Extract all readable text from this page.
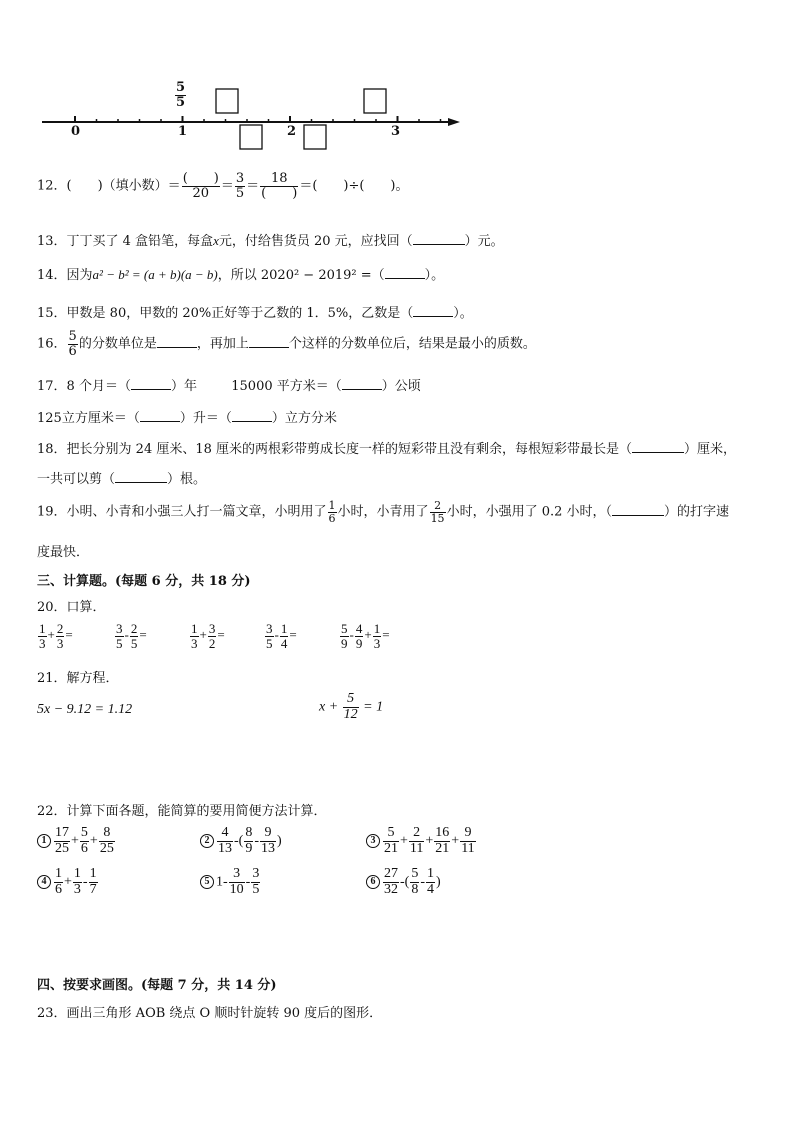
0	1	2	3
$\frac{5}{5}$
12．(　　)（填小数）＝ $\frac{( )}{20} = \frac{3}{5} = \frac{18}{( )}$ ＝(　　)÷(　　)。
13．丁丁买了 4 盒铅笔，每盒x元，付给售货员 20 元，应找回（	）元。
14．因为a² − b² = (a + b)(a − b)，所以 2020² − 2019² =（	）。
15．甲数是 80，甲数的 20%正好等于乙数的 1．5%，乙数是（	）。
16． $\frac{5}{6}$ 的分数单位是	，再加上	个这样的分数单位后，结果是最小的质数。
17．8 个月＝（	）年	15000 平方米＝（	）公顷
125立方厘米＝（	）升＝（	）立方分米
18．把长分别为 24 厘米、18 厘米的两根彩带剪成长度一样的短彩带且没有剩余，每根短彩带最长是（	）厘米，
一共可以剪（	）根。
19．小明、小青和小强三人打一篇文章，小明用了 $\frac{1}{6}$ 小时，小青用了 $\frac{2}{15}$ 小时，小强用了 0.2 小时，（	）的打字速
度最快．
三、计算题。(每题 6 分，共 18 分)
20．口算．
$\frac{1}{3} + \frac{2}{3}$ =	$\frac{3}{5} - \frac{2}{5}$ =	$\frac{1}{3} + \frac{3}{2}$ =	$\frac{3}{5} - \frac{1}{4}$ =	$\frac{5}{9} - \frac{4}{9} + \frac{1}{3}$ =
21．解方程．
5x − 9.12 = 1.12	$x + \frac{5}{12} = 1$
22．计算下面各题，能简算的要用简便方法计算．
$1 \frac{17}{25} + \frac{5}{6} + \frac{8}{25}$	$2 \frac{4}{13}$ -( $\frac{8}{9} - \frac{9}{13}$ )	$3 \frac{5}{21} + \frac{2}{11} + \frac{16}{21} + \frac{9}{11}$
$4 \frac{1}{6} + \frac{1}{3} - \frac{1}{7}$	5 $1- \frac{3}{10} - \frac{3}{5}$	$6 \frac{27}{32}$ -( $\frac{5}{8} - \frac{1}{4}$ )
四、按要求画图。(每题 7 分，共 14 分)
23．画出三角形 AOB 绕点 O 顺时针旋转 90 度后的图形．
